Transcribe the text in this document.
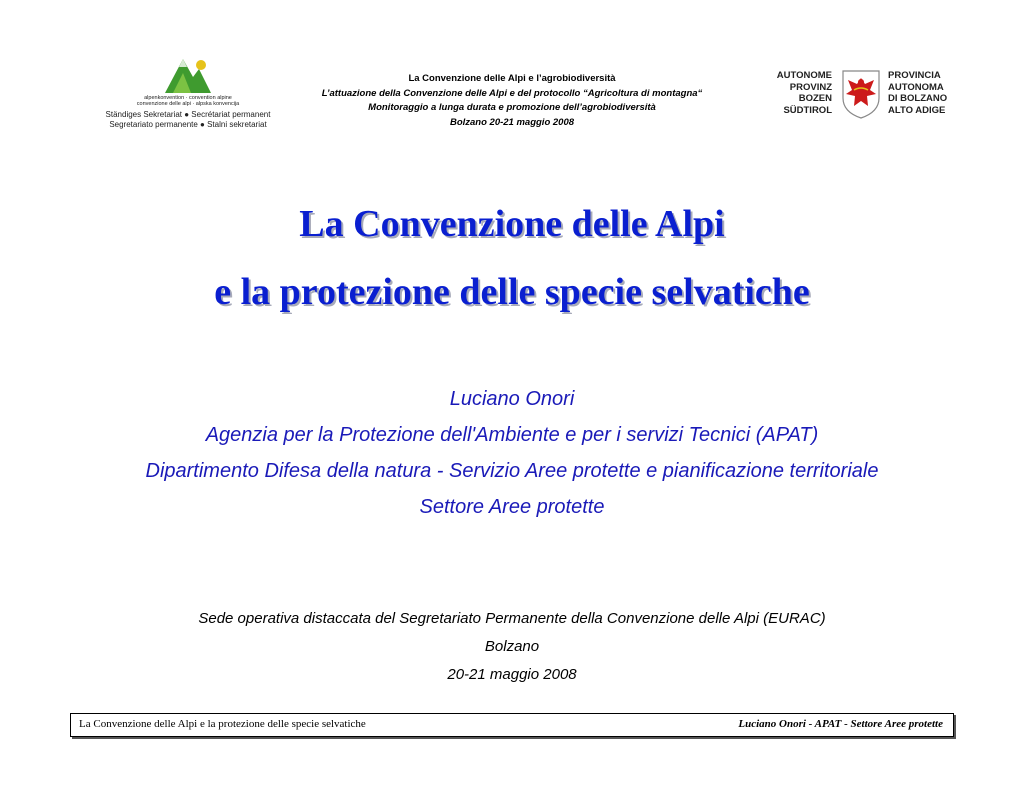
alpenkonvention · convention alpine
convenzione delle alpi · alpska konvencija
Ständiges Sekretariat ● Secrétariat permanent
Segretariato permanente ● Stalni sekretariat
La Convenzione delle Alpi e l’agrobiodiversità
L’attuazione della Convenzione delle Alpi e del protocollo “Agricoltura di montagna“
Monitoraggio a lunga durata e promozione dell’agrobiodiversità
Bolzano 20-21 maggio 2008
AUTONOME
PROVINZ
BOZEN
SÜDTIROL
PROVINCIA
AUTONOMA
DI BOLZANO
ALTO ADIGE
La Convenzione delle Alpi
e la protezione delle specie selvatiche
Luciano Onori
Agenzia per la Protezione dell'Ambiente e per i servizi Tecnici (APAT)
Dipartimento Difesa della natura - Servizio Aree protette e pianificazione territoriale
Settore Aree protette
Sede operativa distaccata del Segretariato Permanente della Convenzione delle Alpi (EURAC)
Bolzano
20-21 maggio 2008
La Convenzione delle Alpi e la protezione delle specie selvatiche	Luciano Onori - APAT - Settore Aree protette
